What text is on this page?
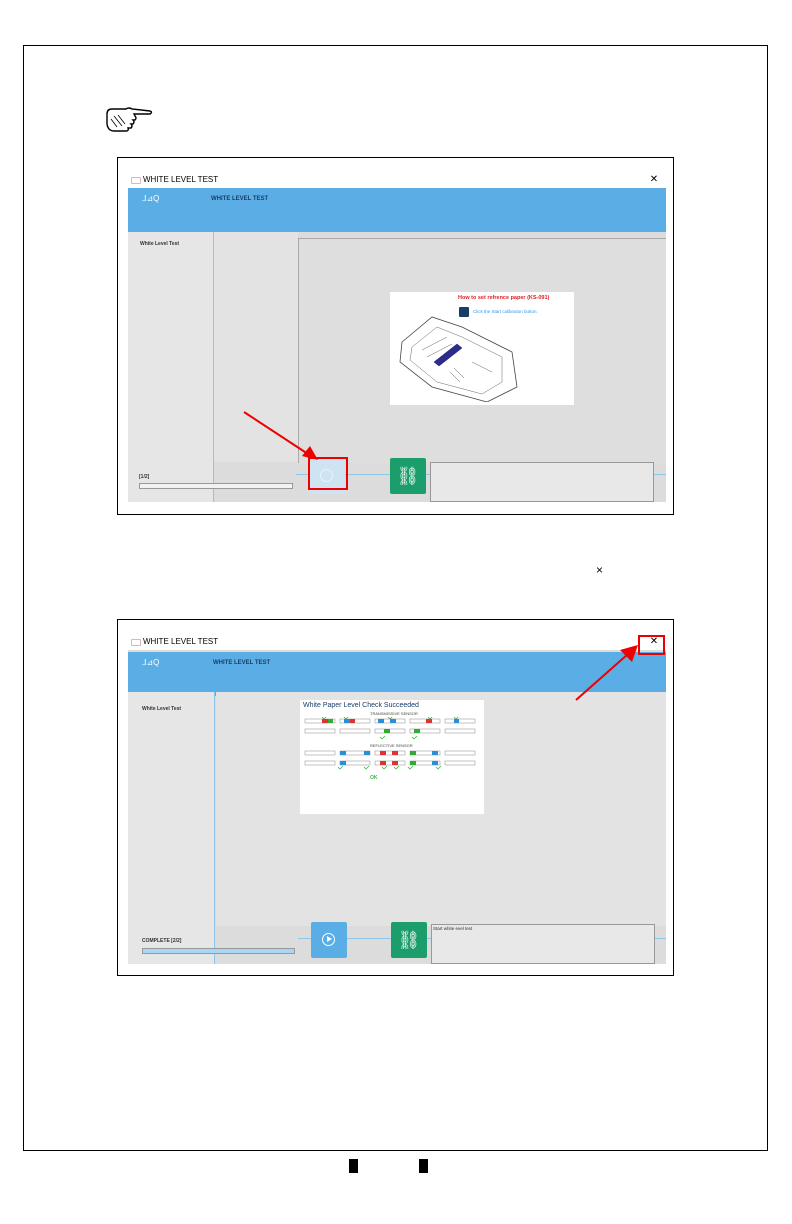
WHITE LEVEL TEST	✕
⅃⊿Q	WHITE LEVEL TEST
White Level Test
How to set refrence paper (KS-091)
Click the Start calibration button.
⛓
[1/2]
×
WHITE LEVEL TEST	✕
⅃⊿Q	WHITE LEVEL TEST
White Level Test	White Paper Level Check Succeeded
TRANSMISSIVE SENSOR
REFLECTIVE SENSOR
OK
⛓
Start white evel test
COMPLETE [2/2]
